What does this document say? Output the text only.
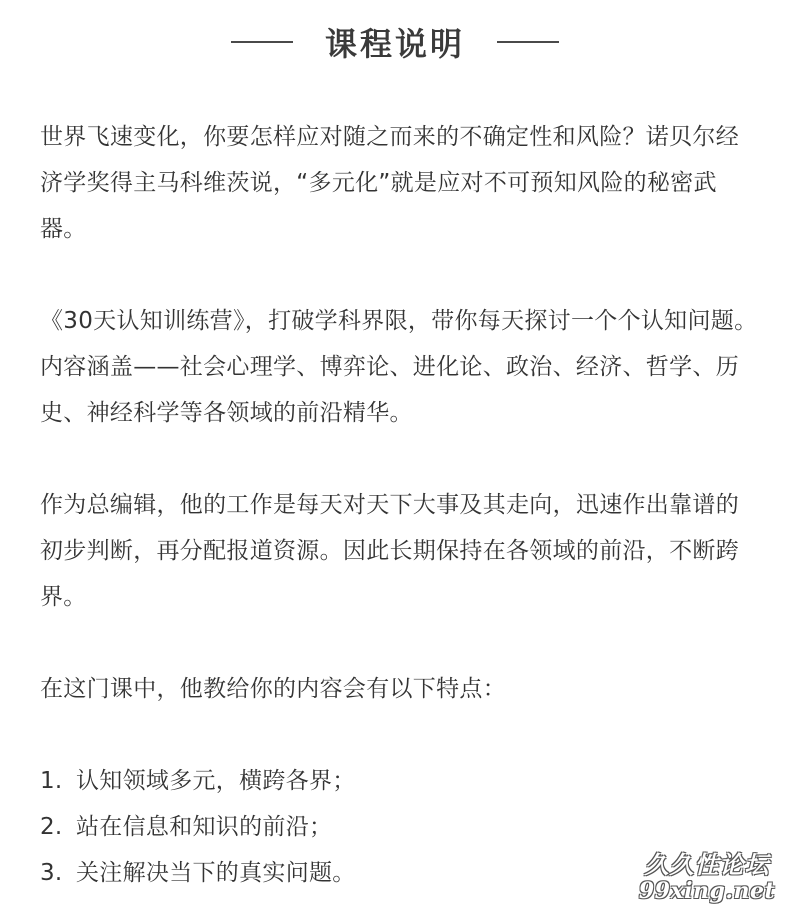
课程说明

世界飞速变化，你要怎样应对随之而来的不确定性和风险？诺贝尔经济学奖得主马科维茨说，“多元化”就是应对不可预知风险的秘密武器。

《30天认知训练营》，打破学科界限，带你每天探讨一个个认知问题。内容涵盖——社会心理学、博弈论、进化论、政治、经济、哲学、历史、神经科学等各领域的前沿精华。

作为总编辑，他的工作是每天对天下大事及其走向，迅速作出靠谱的初步判断，再分配报道资源。因此长期保持在各领域的前沿，不断跨界。

在这门课中，他教给你的内容会有以下特点：

1. 认知领域多元，横跨各界；
2. 站在信息和知识的前沿；
3. 关注解决当下的真实问题。	久久性论坛
99xing.net
